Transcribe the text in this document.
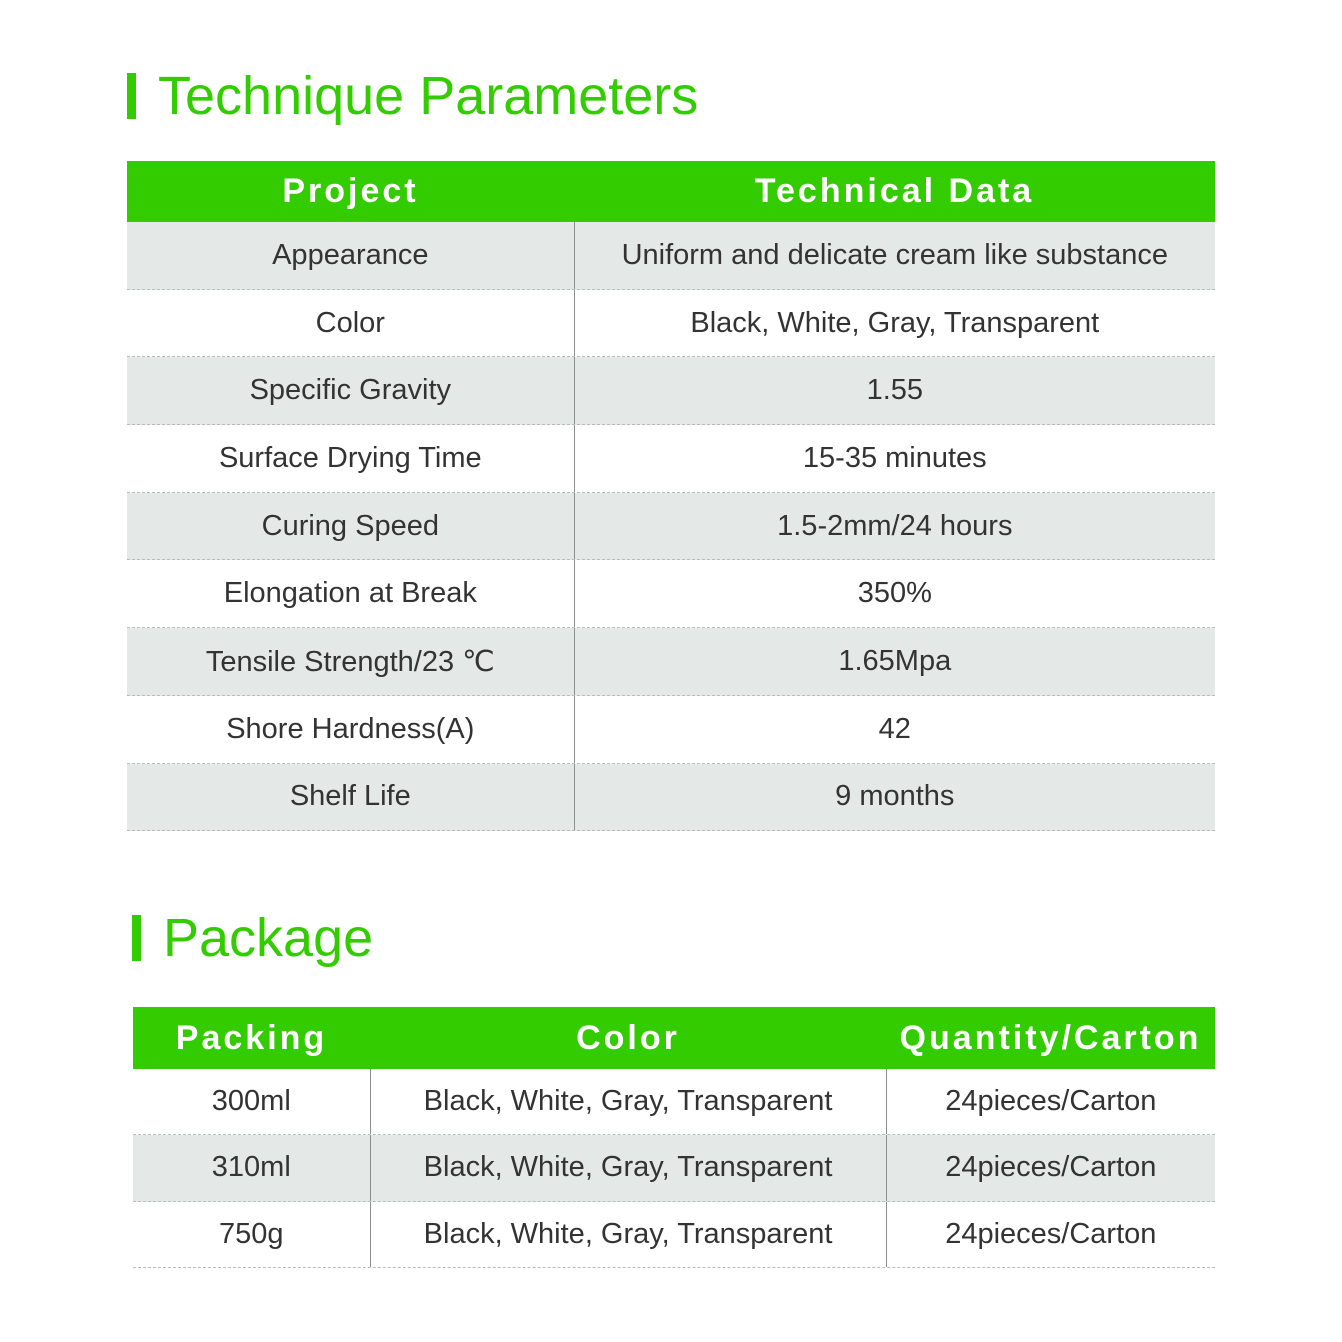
Technique Parameters
Project	Technical Data
Appearance	Uniform and delicate cream like substance
Color	Black, White, Gray, Transparent
Specific Gravity	1.55
Surface Drying Time	15-35 minutes
Curing Speed	1.5-2mm/24 hours
Elongation at Break	350%
Tensile Strength/23 ℃	1.65Mpa
Shore Hardness(A)	42
Shelf Life	9 months
Package
Packing	Color	Quantity/Carton
300ml	Black, White, Gray, Transparent	24pieces/Carton
310ml	Black, White, Gray, Transparent	24pieces/Carton
750g	Black, White, Gray, Transparent	24pieces/Carton
